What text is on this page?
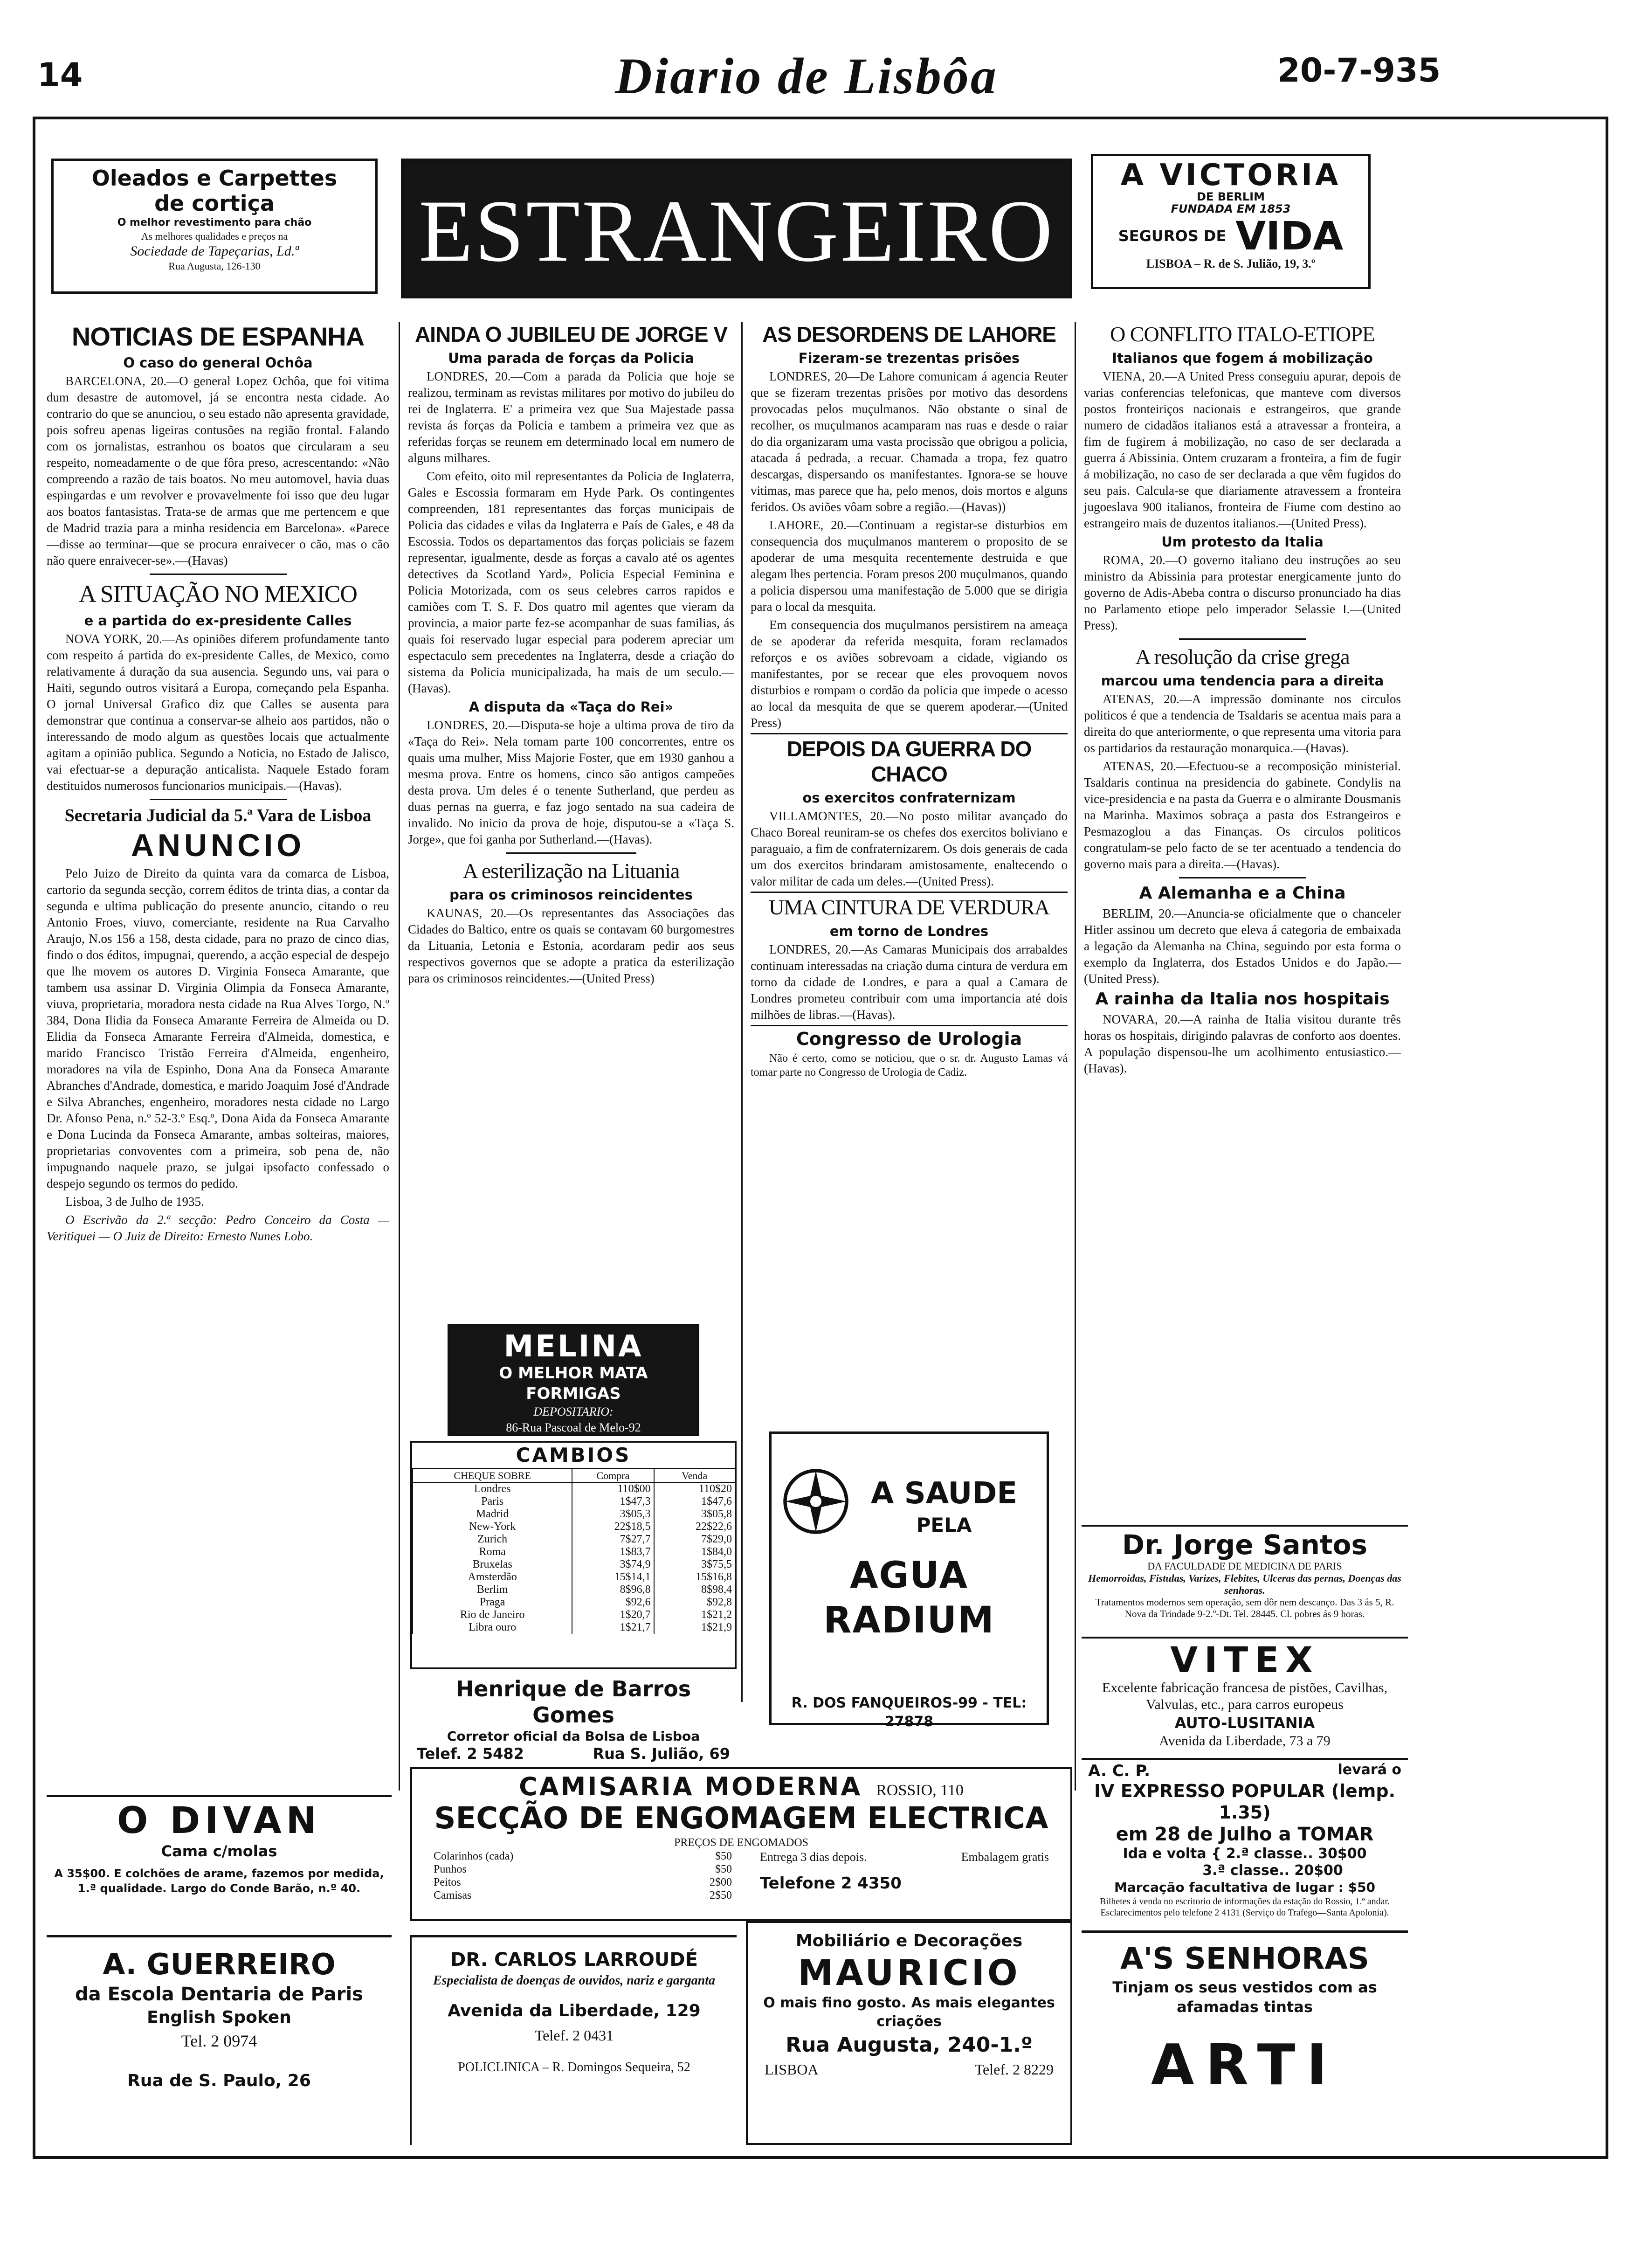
14	Diario de Lisbôa	20-7-935
Oleados e Carpettes
de cortiça
O melhor revestimento para chão
As melhores qualidades e preços na
Sociedade de Tapeçarias, Ld.ª
Rua Augusta, 126-130	ESTRANGEIRO
A VICTORIA
DE BERLIM
FUNDADA EM 1853
SEGUROS DE VIDA
LISBOA – R. de S. Julião, 19, 3.º
NOTICIAS DE ESPANHA
O caso do general Ochôa

BARCELONA, 20.—O general Lopez Ochôa, que foi vitima dum desastre de automovel, já se encontra nesta cidade. Ao contrario do que se anunciou, o seu estado não apresenta gravidade, pois sofreu apenas ligeiras contusões na região frontal. Falando com os jornalistas, estranhou os boatos que circularam a seu respeito, nomeadamente o de que fôra preso, acrescentando: «Não compreendo a razão de tais boatos. No meu automovel, havia duas espingardas e um revolver e provavelmente foi isso que deu lugar aos boatos fantasistas. Trata-se de armas que me pertencem e que de Madrid trazia para a minha residencia em Barcelona». «Parece—disse ao terminar—que se procura enraivecer o cão, mas o cão não quere enraivecer-se».—(Havas)

A SITUAÇÃO NO MEXICO
e a partida do ex-presidente Calles

NOVA YORK, 20.—As opiniões diferem profundamente tanto com respeito á partida do ex-presidente Calles, de Mexico, como relativamente á duração da sua ausencia. Segundo uns, vai para o Haiti, segundo outros visitará a Europa, começando pela Espanha. O jornal Universal Grafico diz que Calles se ausenta para demonstrar que continua a conservar-se alheio aos partidos, não o interessando de modo algum as questões locais que actualmente agitam a opinião publica. Segundo a Noticia, no Estado de Jalisco, vai efectuar-se a depuração anticalista. Naquele Estado foram destituidos numerosos funcionarios municipais.—(Havas).

Secretaria Judicial da 5.ª Vara de Lisboa
ANUNCIO

Pelo Juizo de Direito da quinta vara da comarca de Lisboa, cartorio da segunda secção, correm éditos de trinta dias, a contar da segunda e ultima publicação do presente anuncio, citando o reu Antonio Froes, viuvo, comerciante, residente na Rua Carvalho Araujo, N.os 156 a 158, desta cidade, para no prazo de cinco dias, findo o dos éditos, impugnai, querendo, a acção especial de despejo que lhe movem os autores D. Virginia Fonseca Amarante, que tambem usa assinar D. Virginia Olimpia da Fonseca Amarante, viuva, proprietaria, moradora nesta cidade na Rua Alves Torgo, N.º 384, Dona Ilidia da Fonseca Amarante Ferreira de Almeida ou D. Elidia da Fonseca Amarante Ferreira d'Almeida, domestica, e marido Francisco Tristão Ferreira d'Almeida, engenheiro, moradores na vila de Espinho, Dona Ana da Fonseca Amarante Abranches d'Andrade, domestica, e marido Joaquim José d'Andrade e Silva Abranches, engenheiro, moradores nesta cidade no Largo Dr. Afonso Pena, n.º 52-3.º Esq.º, Dona Aida da Fonseca Amarante e Dona Lucinda da Fonseca Amarante, ambas solteiras, maiores, proprietarias convoventes com a primeira, sob pena de, não impugnando naquele prazo, se julgai ipsofacto confessado o despejo segundo os termos do pedido.

Lisboa, 3 de Julho de 1935.

O Escrivão da 2.ª secção: Pedro Conceiro da Costa — Veritiquei — O Juiz de Direito: Ernesto Nunes Lobo.

AINDA O JUBILEU DE JORGE V
Uma parada de forças da Policia

LONDRES, 20.—Com a parada da Policia que hoje se realizou, terminam as revistas militares por motivo do jubileu do rei de Inglaterra. E' a primeira vez que Sua Majestade passa revista ás forças da Policia e tambem a primeira vez que as referidas forças se reunem em determinado local em numero de alguns milhares.

Com efeito, oito mil representantes da Policia de Inglaterra, Gales e Escossia formaram em Hyde Park. Os contingentes compreenden, 181 representantes das forças municipais de Policia das cidades e vilas da Inglaterra e País de Gales, e 48 da Escossia. Todos os departamentos das forças policiais se fazem representar, igualmente, desde as forças a cavalo até os agentes detectives da Scotland Yard», Policia Especial Feminina e Policia Motorizada, com os seus celebres carros rapidos e camiões com T. S. F. Dos quatro mil agentes que vieram da provincia, a maior parte fez-se acompanhar de suas familias, ás quais foi reservado lugar especial para poderem apreciar um espectaculo sem precedentes na Inglaterra, desde a criação do sistema da Policia municipalizada, ha mais de um seculo.—(Havas).

A disputa da «Taça do Rei»

LONDRES, 20.—Disputa-se hoje a ultima prova de tiro da «Taça do Rei». Nela tomam parte 100 concorrentes, entre os quais uma mulher, Miss Majorie Foster, que em 1930 ganhou a mesma prova. Entre os homens, cinco são antigos campeões desta prova. Um deles é o tenente Sutherland, que perdeu as duas pernas na guerra, e faz jogo sentado na sua cadeira de invalido. No inicio da prova de hoje, disputou-se a «Taça S. Jorge», que foi ganha por Sutherland.—(Havas).

A esterilização na Lituania
para os criminosos reincidentes

KAUNAS, 20.—Os representantes das Associações das Cidades do Baltico, entre os quais se contavam 60 burgomestres da Lituania, Letonia e Estonia, acordaram pedir aos seus respectivos governos que se adopte a pratica da esterilização para os criminosos reincidentes.—(United Press)

MELINA
O MELHOR MATA FORMIGAS
DEPOSITARIO:
86-Rua Pascoal de Melo-92
CAMBIOS
CHEQUE SOBRE	Compra	Venda
Londres	110$00	110$20
Paris	1$47,3	1$47,6
Madrid	3$05,3	3$05,8
New-York	22$18,5	22$22,6
Zurich	7$27,7	7$29,0
Roma	1$83,7	1$84,0
Bruxelas	3$74,9	3$75,5
Amsterdão	15$14,1	15$16,8
Berlim	8$96,8	8$98,4
Praga	$92,6	$92,8
Rio de Janeiro	1$20,7	1$21,2
Libra ouro	1$21,7	1$21,9
Henrique de Barros Gomes
Corretor oficial da Bolsa de Lisboa
Telef. 2 5482	Rua S. Julião, 69
AS DESORDENS DE LAHORE
Fizeram-se trezentas prisões

LONDRES, 20—De Lahore comunicam á agencia Reuter que se fizeram trezentas prisões por motivo das desordens provocadas pelos muçulmanos. Não obstante o sinal de recolher, os muçulmanos acamparam nas ruas e desde o raiar do dia organizaram uma vasta procissão que obrigou a policia, atacada á pedrada, a recuar. Chamada a tropa, fez quatro descargas, dispersando os manifestantes. Ignora-se se houve vitimas, mas parece que ha, pelo menos, dois mortos e alguns feridos. Os aviões vôam sobre a região.—(Havas))

LAHORE, 20.—Continuam a registar-se disturbios em consequencia dos muçulmanos manterem o proposito de se apoderar de uma mesquita recentemente destruida e que alegam lhes pertencia. Foram presos 200 muçulmanos, quando a policia dispersou uma manifestação de 5.000 que se dirigia para o local da mesquita.

Em consequencia dos muçulmanos persistirem na ameaça de se apoderar da referida mesquita, foram reclamados reforços e os aviões sobrevoam a cidade, vigiando os manifestantes, por se recear que eles provoquem novos disturbios e rompam o cordão da policia que impede o acesso ao local da mesquita de que se querem apoderar.—(United Press)

DEPOIS DA GUERRA DO CHACO
os exercitos confraternizam

VILLAMONTES, 20.—No posto militar avançado do Chaco Boreal reuniram-se os chefes dos exercitos boliviano e paraguaio, a fim de confraternizarem. Os dois generais de cada um dos exercitos brindaram amistosamente, enaltecendo o valor militar de cada um deles.—(United Press).

UMA CINTURA DE VERDURA
em torno de Londres

LONDRES, 20.—As Camaras Municipais dos arrabaldes continuam interessadas na criação duma cintura de verdura em torno da cidade de Londres, e para a qual a Camara de Londres prometeu contribuir com uma importancia até dois milhões de libras.—(Havas).

Congresso de Urologia

Não é certo, como se noticiou, que o sr. dr. Augusto Lamas vá tomar parte no Congresso de Urologia de Cadiz.

A SAUDE
PELA
AGUA RADIUM
R. DOS FANQUEIROS-99 - TEL: 27878
O CONFLITO ITALO-ETIOPE
Italianos que fogem á mobilização

VIENA, 20.—A United Press conseguiu apurar, depois de varias conferencias telefonicas, que manteve com diversos postos fronteiriços nacionais e estrangeiros, que grande numero de cidadãos italianos está a atravessar a fronteira, a fim de fugirem á mobilização, no caso de ser declarada a guerra á Abissinia. Ontem cruzaram a fronteira, a fim de fugir á mobilização, no caso de ser declarada a que vêm fugidos do seu pais. Calcula-se que diariamente atravessem a fronteira jugoeslava 900 italianos, fronteira de Fiume com destino ao estrangeiro mais de duzentos italianos.—(United Press).

Um protesto da Italia

ROMA, 20.—O governo italiano deu instruções ao seu ministro da Abissinia para protestar energicamente junto do governo de Adis-Abeba contra o discurso pronunciado ha dias no Parlamento etiope pelo imperador Selassie I.—(United Press).

A resolução da crise grega
marcou uma tendencia para a direita

ATENAS, 20.—A impressão dominante nos circulos politicos é que a tendencia de Tsaldaris se acentua mais para a direita do que anteriormente, o que representa uma vitoria para os partidarios da restauração monarquica.—(Havas).

ATENAS, 20.—Efectuou-se a recomposição ministerial. Tsaldaris continua na presidencia do gabinete. Condylis na vice-presidencia e na pasta da Guerra e o almirante Dousmanis na Marinha. Maximos sobraça a pasta dos Estrangeiros e Pesmazoglou a das Finanças. Os circulos politicos congratulam-se pelo facto de se ter acentuado a tendencia do governo mais para a direita.—(Havas).

A Alemanha e a China

BERLIM, 20.—Anuncia-se oficialmente que o chanceler Hitler assinou um decreto que eleva á categoria de embaixada a legação da Alemanha na China, seguindo por esta forma o exemplo da Inglaterra, dos Estados Unidos e do Japão.—(United Press).

A rainha da Italia nos hospitais

NOVARA, 20.—A rainha de Italia visitou durante três horas os hospitais, dirigindo palavras de conforto aos doentes. A população dispensou-lhe um acolhimento entusiastico.—(Havas).

Dr. Jorge Santos
DA FACULDADE DE MEDICINA DE PARIS
Hemorroidas, Fistulas, Varizes, Flebites, Ulceras das pernas, Doenças das senhoras.
Tratamentos modernos sem operação, sem dôr nem descanço. Das 3 ás 5, R. Nova da Trindade 9-2.º-Dt. Tel. 28445. Cl. pobres ás 9 horas.
VITEX
Excelente fabricação francesa de pistões, Cavilhas, Valvulas, etc., para carros europeus
AUTO-LUSITANIA
Avenida da Liberdade, 73 a 79
A. C. P.	levará o
IV EXPRESSO POPULAR (lemp. 1.35)
em 28 de Julho a TOMAR
Ida e volta { 2.ª classe.. 30$00
3.ª classe.. 20$00
Marcação facultativa de lugar : $50
Bilhetes á venda no escritorio de informações da estação do Rossio, 1.º andar.
Esclarecimentos pelo telefone 2 4131 (Serviço do Trafego—Santa Apolonia).
CAMISARIA MODERNA ROSSIO, 110
SECÇÃO DE ENGOMAGEM ELECTRICA
PREÇOS DE ENGOMADOS
Colarinhos (cada)	$50
Punhos	$50
Peitos	2$00
Camisas	2$50
Entrega 3 dias depois.	Embalagem gratis
Telefone 2 4350
O DIVAN
Cama c/molas
A 35$00. E colchões de arame, fazemos por medida, 1.ª qualidade. Largo do Conde Barão, n.º 40.
A. GUERREIRO
da Escola Dentaria de Paris
English Spoken
Tel. 2 0974
Rua de S. Paulo, 26
DR. CARLOS LARROUDÉ
Especialista de doenças de ouvidos, nariz e garganta
Avenida da Liberdade, 129
Telef. 2 0431
POLICLINICA – R. Domingos Sequeira, 52
Mobiliário e Decorações
MAURICIO
O mais fino gosto. As mais elegantes criações
Rua Augusta, 240-1.º
LISBOA	Telef. 2 8229
A'S SENHORAS
Tinjam os seus vestidos com as afamadas tintas
ARTI
